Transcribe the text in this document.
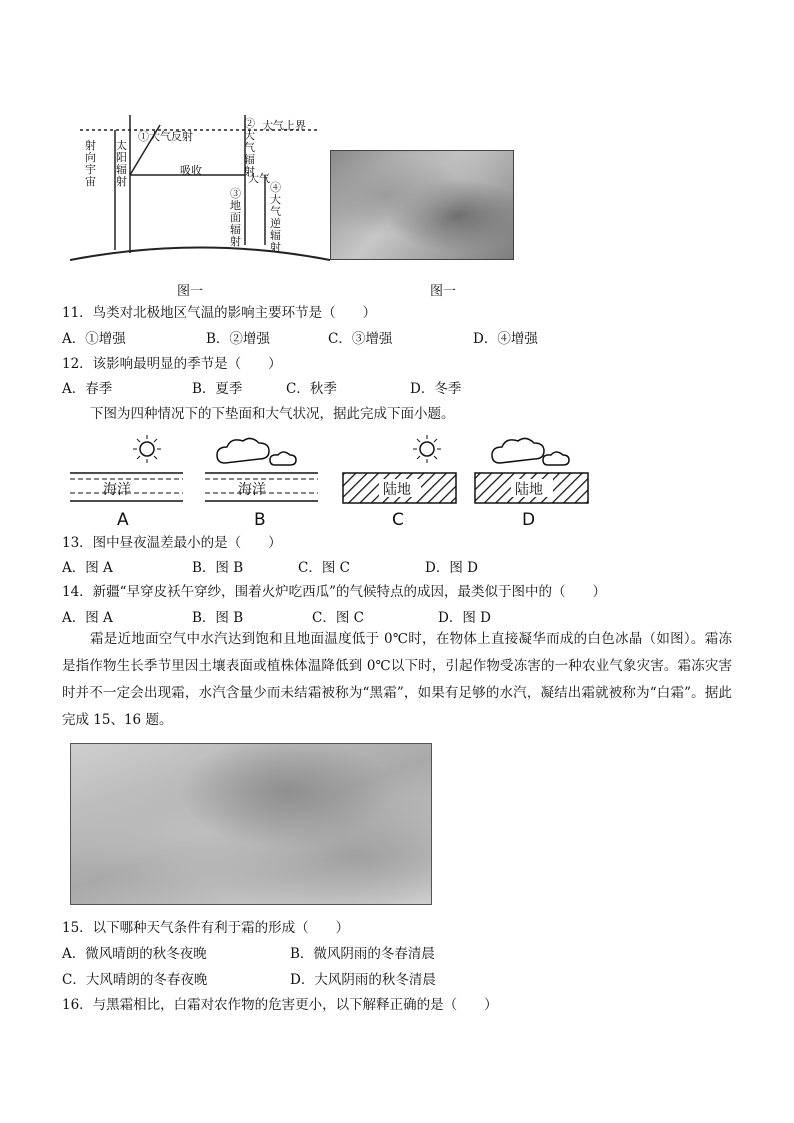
①大气反射
大气上界
②大气辐射
射向宇宙
太阳辐射
吸收
大气
③地面辐射
④大气逆辐射
图一	图一
11．鸟类对北极地区气温的影响主要环节是（　　）
A．①增强	B．②增强	C．③增强	D．④增强
12．该影响最明显的季节是（　　）
A．春季	B．夏季	C．秋季	D．冬季
下图为四种情况下的下垫面和大气状况，据此完成下面小题。
海洋	海洋	陆地	陆地
A	B	C	D
13．图中昼夜温差最小的是（　　）
A．图 A	B．图 B	C．图 C	D．图 D
14．新疆“早穿皮袄午穿纱，围着火炉吃西瓜”的气候特点的成因，最类似于图中的（　　）
A．图 A	B．图 B	C．图 C	D．图 D
霜是近地面空气中水汽达到饱和且地面温度低于 0℃时，在物体上直接凝华而成的白色冰晶（如图）。霜冻是指作物生长季节里因土壤表面或植株体温降低到 0℃以下时，引起作物受冻害的一种农业气象灾害。霜冻灾害时并不一定会出现霜，水汽含量少而未结霜被称为“黑霜”，如果有足够的水汽，凝结出霜就被称为“白霜”。据此完成 15、16 题。
15．以下哪种天气条件有利于霜的形成（　　）
A．微风晴朗的秋冬夜晚	B．微风阴雨的冬春清晨
C．大风晴朗的冬春夜晚	D．大风阴雨的秋冬清晨
16．与黑霜相比，白霜对农作物的危害更小，以下解释正确的是（　　）
